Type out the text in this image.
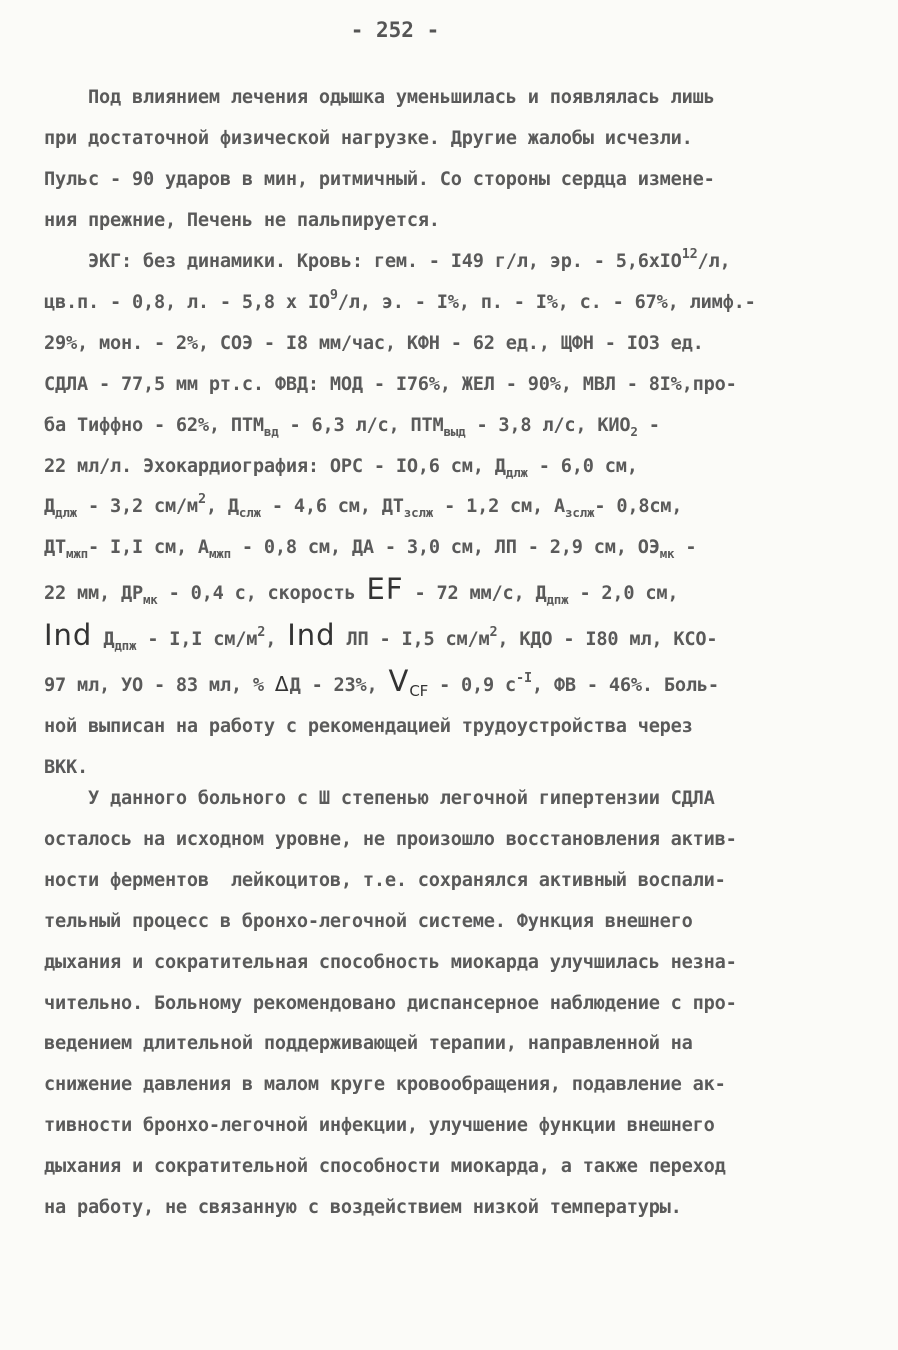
- 252 -
Под влиянием лечения одышка уменьшилась и появлялась лишь
при достаточной физической нагрузке. Другие жалобы исчезли.
Пульс - 90 ударов в мин, ритмичный. Со стороны сердца измене-
ния прежние, Печень не пальпируется.
ЭКГ: без динамики. Кровь: гем. - I49 г/л, эр. - 5,6хIO$^{12}$/л,
цв.п. - 0,8, л. - 5,8 х $IO^9/л$, э. - I%, п. - I%, с. - 67%, лимф.-
29%, мон. - 2%, СОЭ - I8 мм/час, КФН - 62 ед., ЩФН - IO3 ед.
СДЛА - 77,5 мм рт.с. ФВД: МОД - I76%, ЖЕЛ - 90%, МВЛ - 8I%,про-
ба Тиффно - 62%, $ПТМ_{вд} - 6,3$ л/с, $ПТМ_{выд} - 3,8$ л/с, $КИО_2$ -
22 мл/л. Эхокардиография: ОРС - IO,6 см, $Д_{длж} - 6,0$ см,
$Д_{длж} - 3,2$ $см/м^2$, $Д_{слж} - 4,6$ см, $ДТ_{зслж} - 1,2$ см, $А_{зслж}-$ 0,8см,
$ДТ_{мжп}-$ I,I см, $А_{мжп} - 0,8$ см, ДА - 3,0 см, ЛП - 2,9 см, $ОЭ_{мк}$ -
22 мм, $ДР_{мк} - 0,4$ с, скорость EF - 72 мм/с, $Д_{дпж} - 2,0$ см,
Ind $Д_{дпж} - I,I$ $см/м^2$, Ind ЛП - I,5 $см/м^2$, КДО - I80 мл, КСО-
97 мл, УО - 83 мл, % ΔД - 23%, $V_{CF} - 0,9$ $с^{-I}$, ФВ - 46%. Боль-
ной выписан на работу с рекомендацией трудоустройства через
ВКК.
У данного больного с Ш степенью легочной гипертензии СДЛА
осталось на исходном уровне, не произошло восстановления актив-
ности ферментов  лейкоцитов, т.е. сохранялся активный воспали-
тельный процесс в бронхо-легочной системе. Функция внешнего
дыхания и сократительная способность миокарда улучшилась незна-
чительно. Больному рекомендовано диспансерное наблюдение с про-
ведением длительной поддерживающей терапии, направленной на
снижение давления в малом круге кровообращения, подавление ак-
тивности бронхо-легочной инфекции, улучшение функции внешнего
дыхания и сократительной способности миокарда, а также переход
на работу, не связанную с воздействием низкой температуры.
